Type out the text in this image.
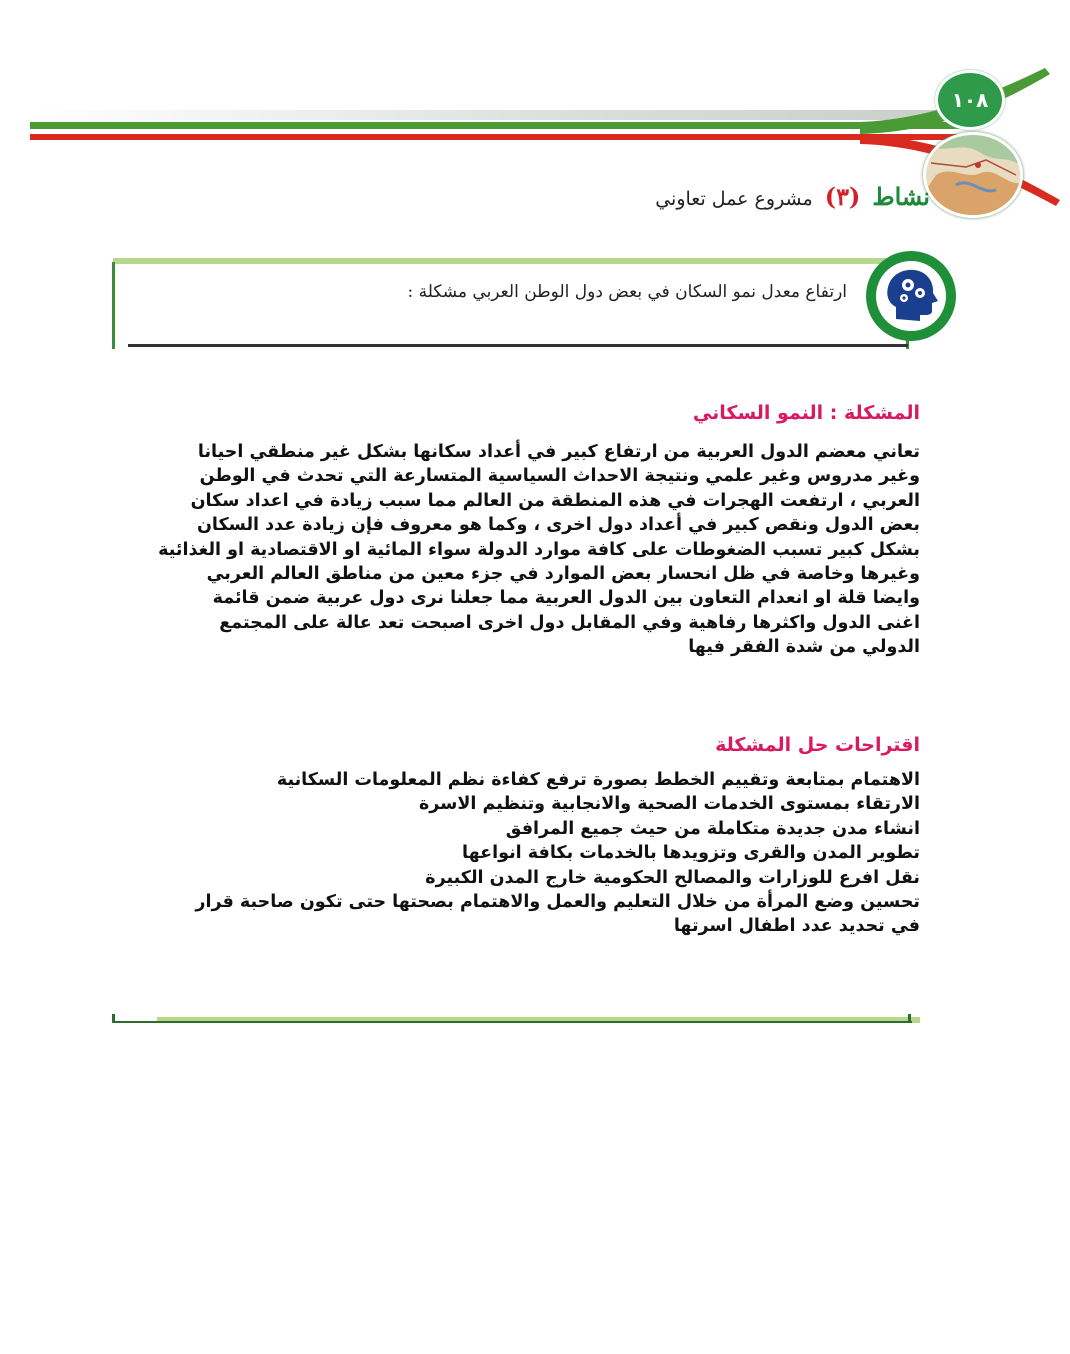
١٠٨
نشاط (٣) مشروع عمل تعاوني
ارتفاع معدل نمو السكان في بعض دول الوطن العربي مشكلة :
المشكلة : النمو السكاني
تعاني معضم الدول العربية من ارتفاع كبير في أعداد سكانها بشكل غير منطقي احيانا
وغير مدروس وغير علمي ونتيجة الاحداث السياسية المتسارعة التي تحدث في الوطن
العربي ، ارتفعت الهجرات في هذه المنطقة من العالم مما سبب زيادة في اعداد سكان
بعض الدول ونقص كبير في أعداد دول اخرى ، وكما هو معروف فإن زيادة عدد السكان
بشكل كبير تسبب الضغوطات على كافة موارد الدولة سواء المائية او الاقتصادية او الغذائية
وغيرها وخاصة في ظل انحسار بعض الموارد في جزء معين من مناطق العالم العربي
وايضا قلة او انعدام التعاون بين الدول العربية مما جعلنا نرى دول عربية ضمن قائمة
اغنى الدول واكثرها رفاهية وفي المقابل دول اخرى اصبحت تعد عالة على المجتمع
الدولي من شدة الفقر فيها
اقتراحات حل المشكلة
الاهتمام بمتابعة وتقييم الخطط بصورة ترفع كفاءة نظم المعلومات السكانية
الارتقاء بمستوى الخدمات الصحية والانجابية وتنظيم الاسرة
انشاء مدن جديدة متكاملة من حيث جميع المرافق
تطوير المدن والقرى وتزويدها بالخدمات بكافة انواعها
نقل افرع للوزارات والمصالح الحكومية خارج المدن الكبيرة
تحسين وضع المرأة من خلال التعليم والعمل والاهتمام بصحتها حتى تكون صاحبة قرار
في تحديد عدد اطفال اسرتها
